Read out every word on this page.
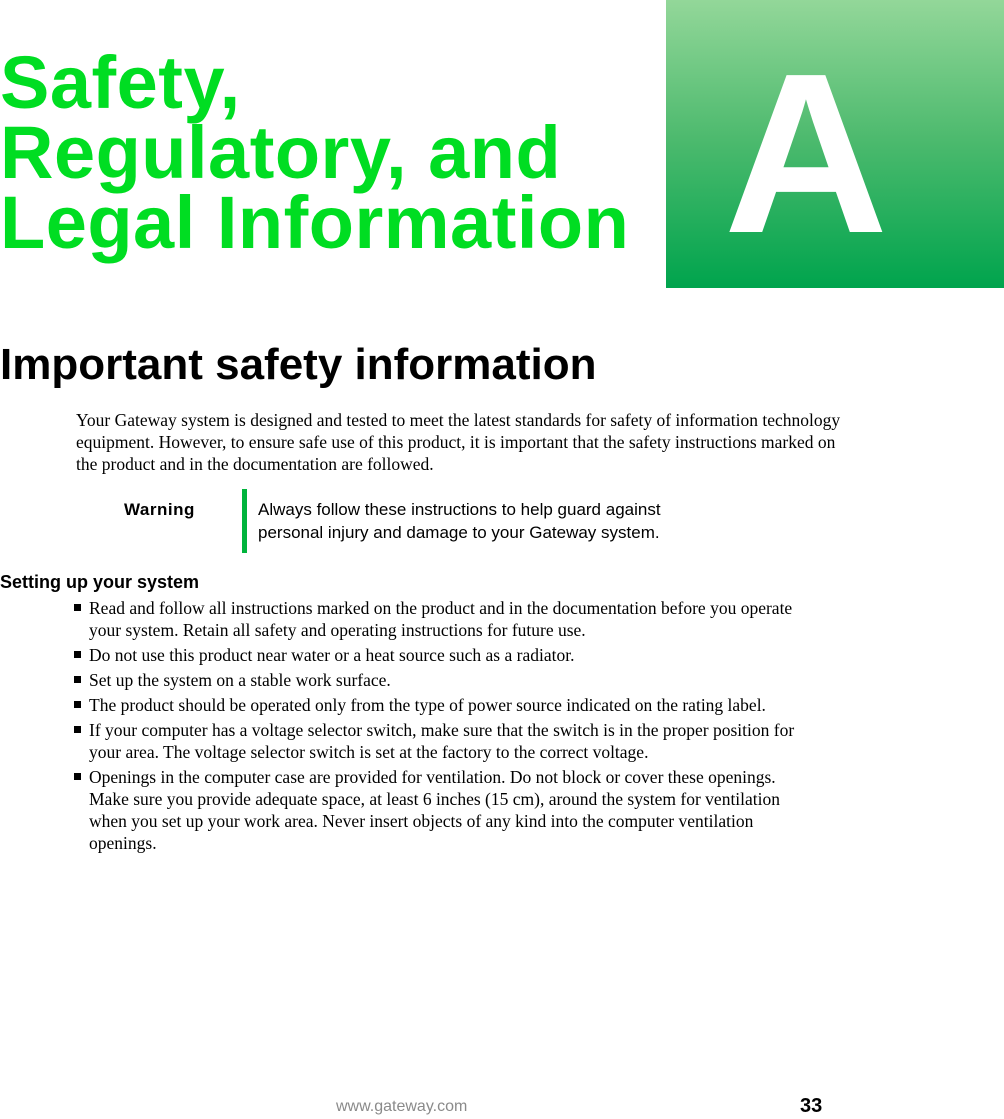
Safety,
Regulatory, and
Legal Information A
Important safety information

Your Gateway system is designed and tested to meet the latest standards for safety of information technology equipment. However, to ensure safe use of this product, it is important that the safety instructions marked on the product and in the documentation are followed.

Warning	Always follow these instructions to help guard against personal injury and damage to your Gateway system.
Setting up your system
Read and follow all instructions marked on the product and in the documentation before you operate your system. Retain all safety and operating instructions for future use.
Do not use this product near water or a heat source such as a radiator.
Set up the system on a stable work surface.
The product should be operated only from the type of power source indicated on the rating label.
If your computer has a voltage selector switch, make sure that the switch is in the proper position for your area. The voltage selector switch is set at the factory to the correct voltage.
Openings in the computer case are provided for ventilation. Do not block or cover these openings. Make sure you provide adequate space, at least 6 inches (15 cm), around the system for ventilation when you set up your work area. Never insert objects of any kind into the computer ventilation openings.
www.gateway.com	33
